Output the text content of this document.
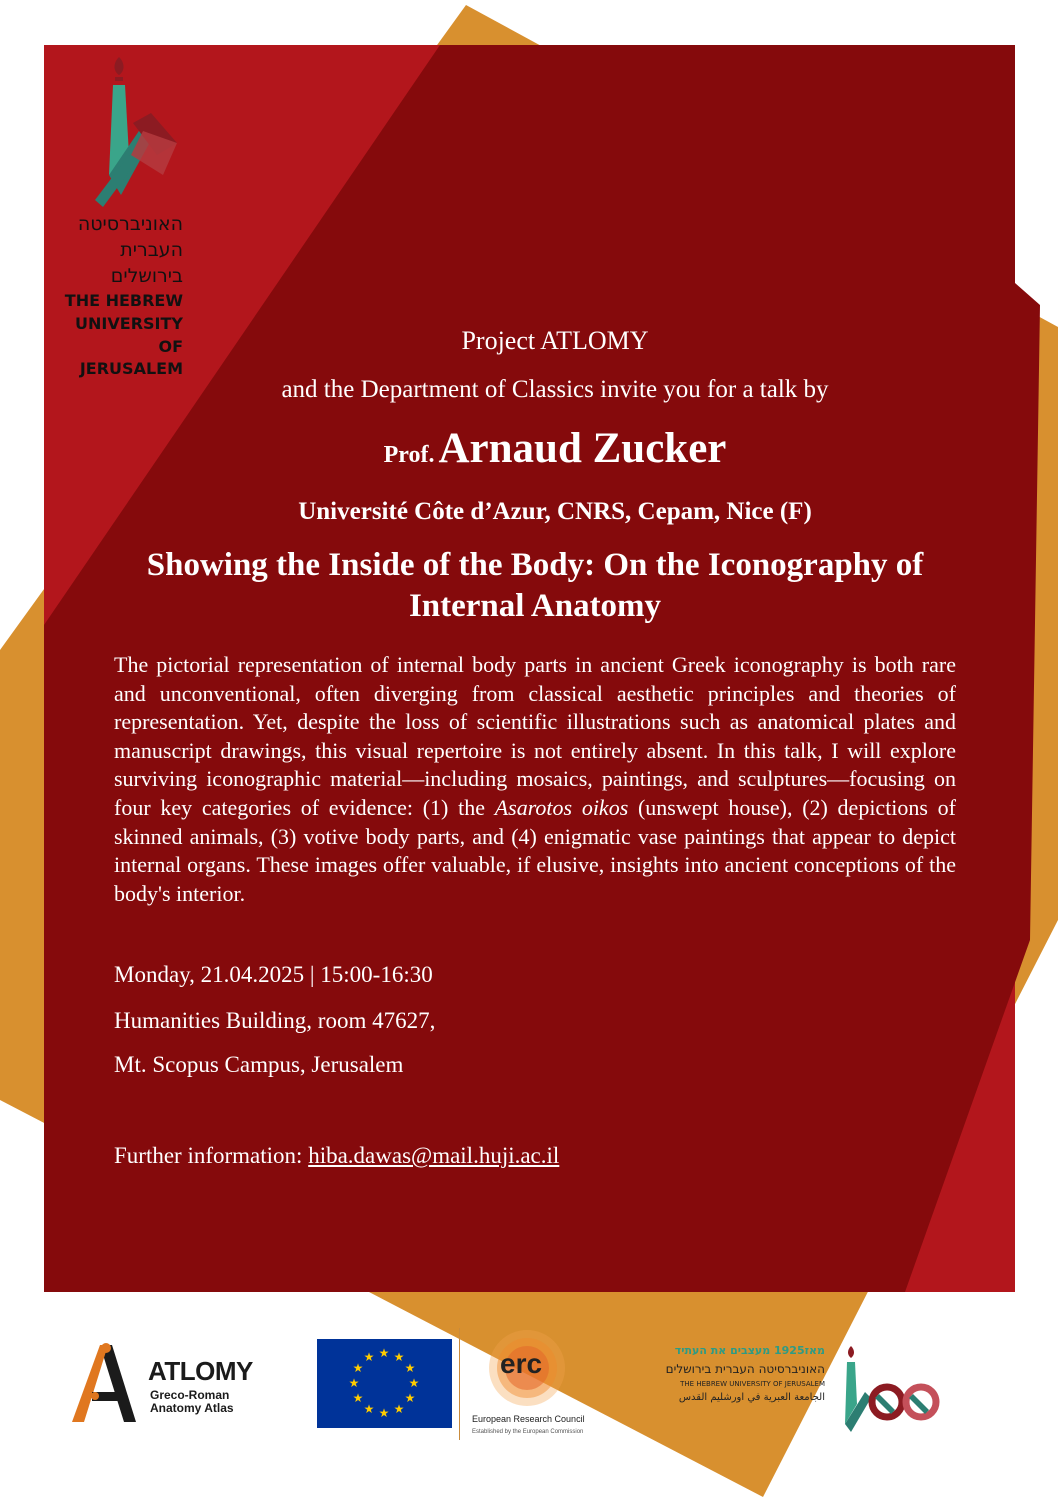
האוניברסיטה
העברית
בירושלים
THE HEBREW
UNIVERSITY
OF JERUSALEM
Project ATLOMY
and the Department of Classics invite you for a talk by
Prof. Arnaud Zucker
Université Côte d’Azur, CNRS, Cepam, Nice (F)
Showing the Inside of the Body: On the Iconography of Internal Anatomy
The pictorial representation of internal body parts in ancient Greek iconography is both rare and unconventional, often diverging from classical aesthetic principles and theories of representation. Yet, despite the loss of scientific illustrations such as anatomical plates and manuscript drawings, this visual repertoire is not entirely absent. In this talk, I will explore surviving iconographic material—including mosaics, paintings, and sculptures—focusing on four key categories of evidence: (1) the Asarotos oikos (unswept house), (2) depictions of skinned animals, (3) votive body parts, and (4) enigmatic vase paintings that appear to depict internal organs. These images offer valuable, if elusive, insights into ancient conceptions of the body's interior.
Monday, 21.04.2025 | 15:00-16:30
Humanities Building, room 47627,
Mt. Scopus Campus, Jerusalem
Further information: hiba.dawas@mail.huji.ac.il
ATLOMY
Greco-Roman
Anatomy Atlas
★ ★
★
★
★
★
★
★
★
★
★
★	erc
European Research Council
Established by the European Commission
מאז1925 מעצבים את העתיד
האוניברסיטה העברית בירושלים
THE HEBREW UNIVERSITY OF JERUSALEM
الجامعة العبرية في اورشليم القدس
